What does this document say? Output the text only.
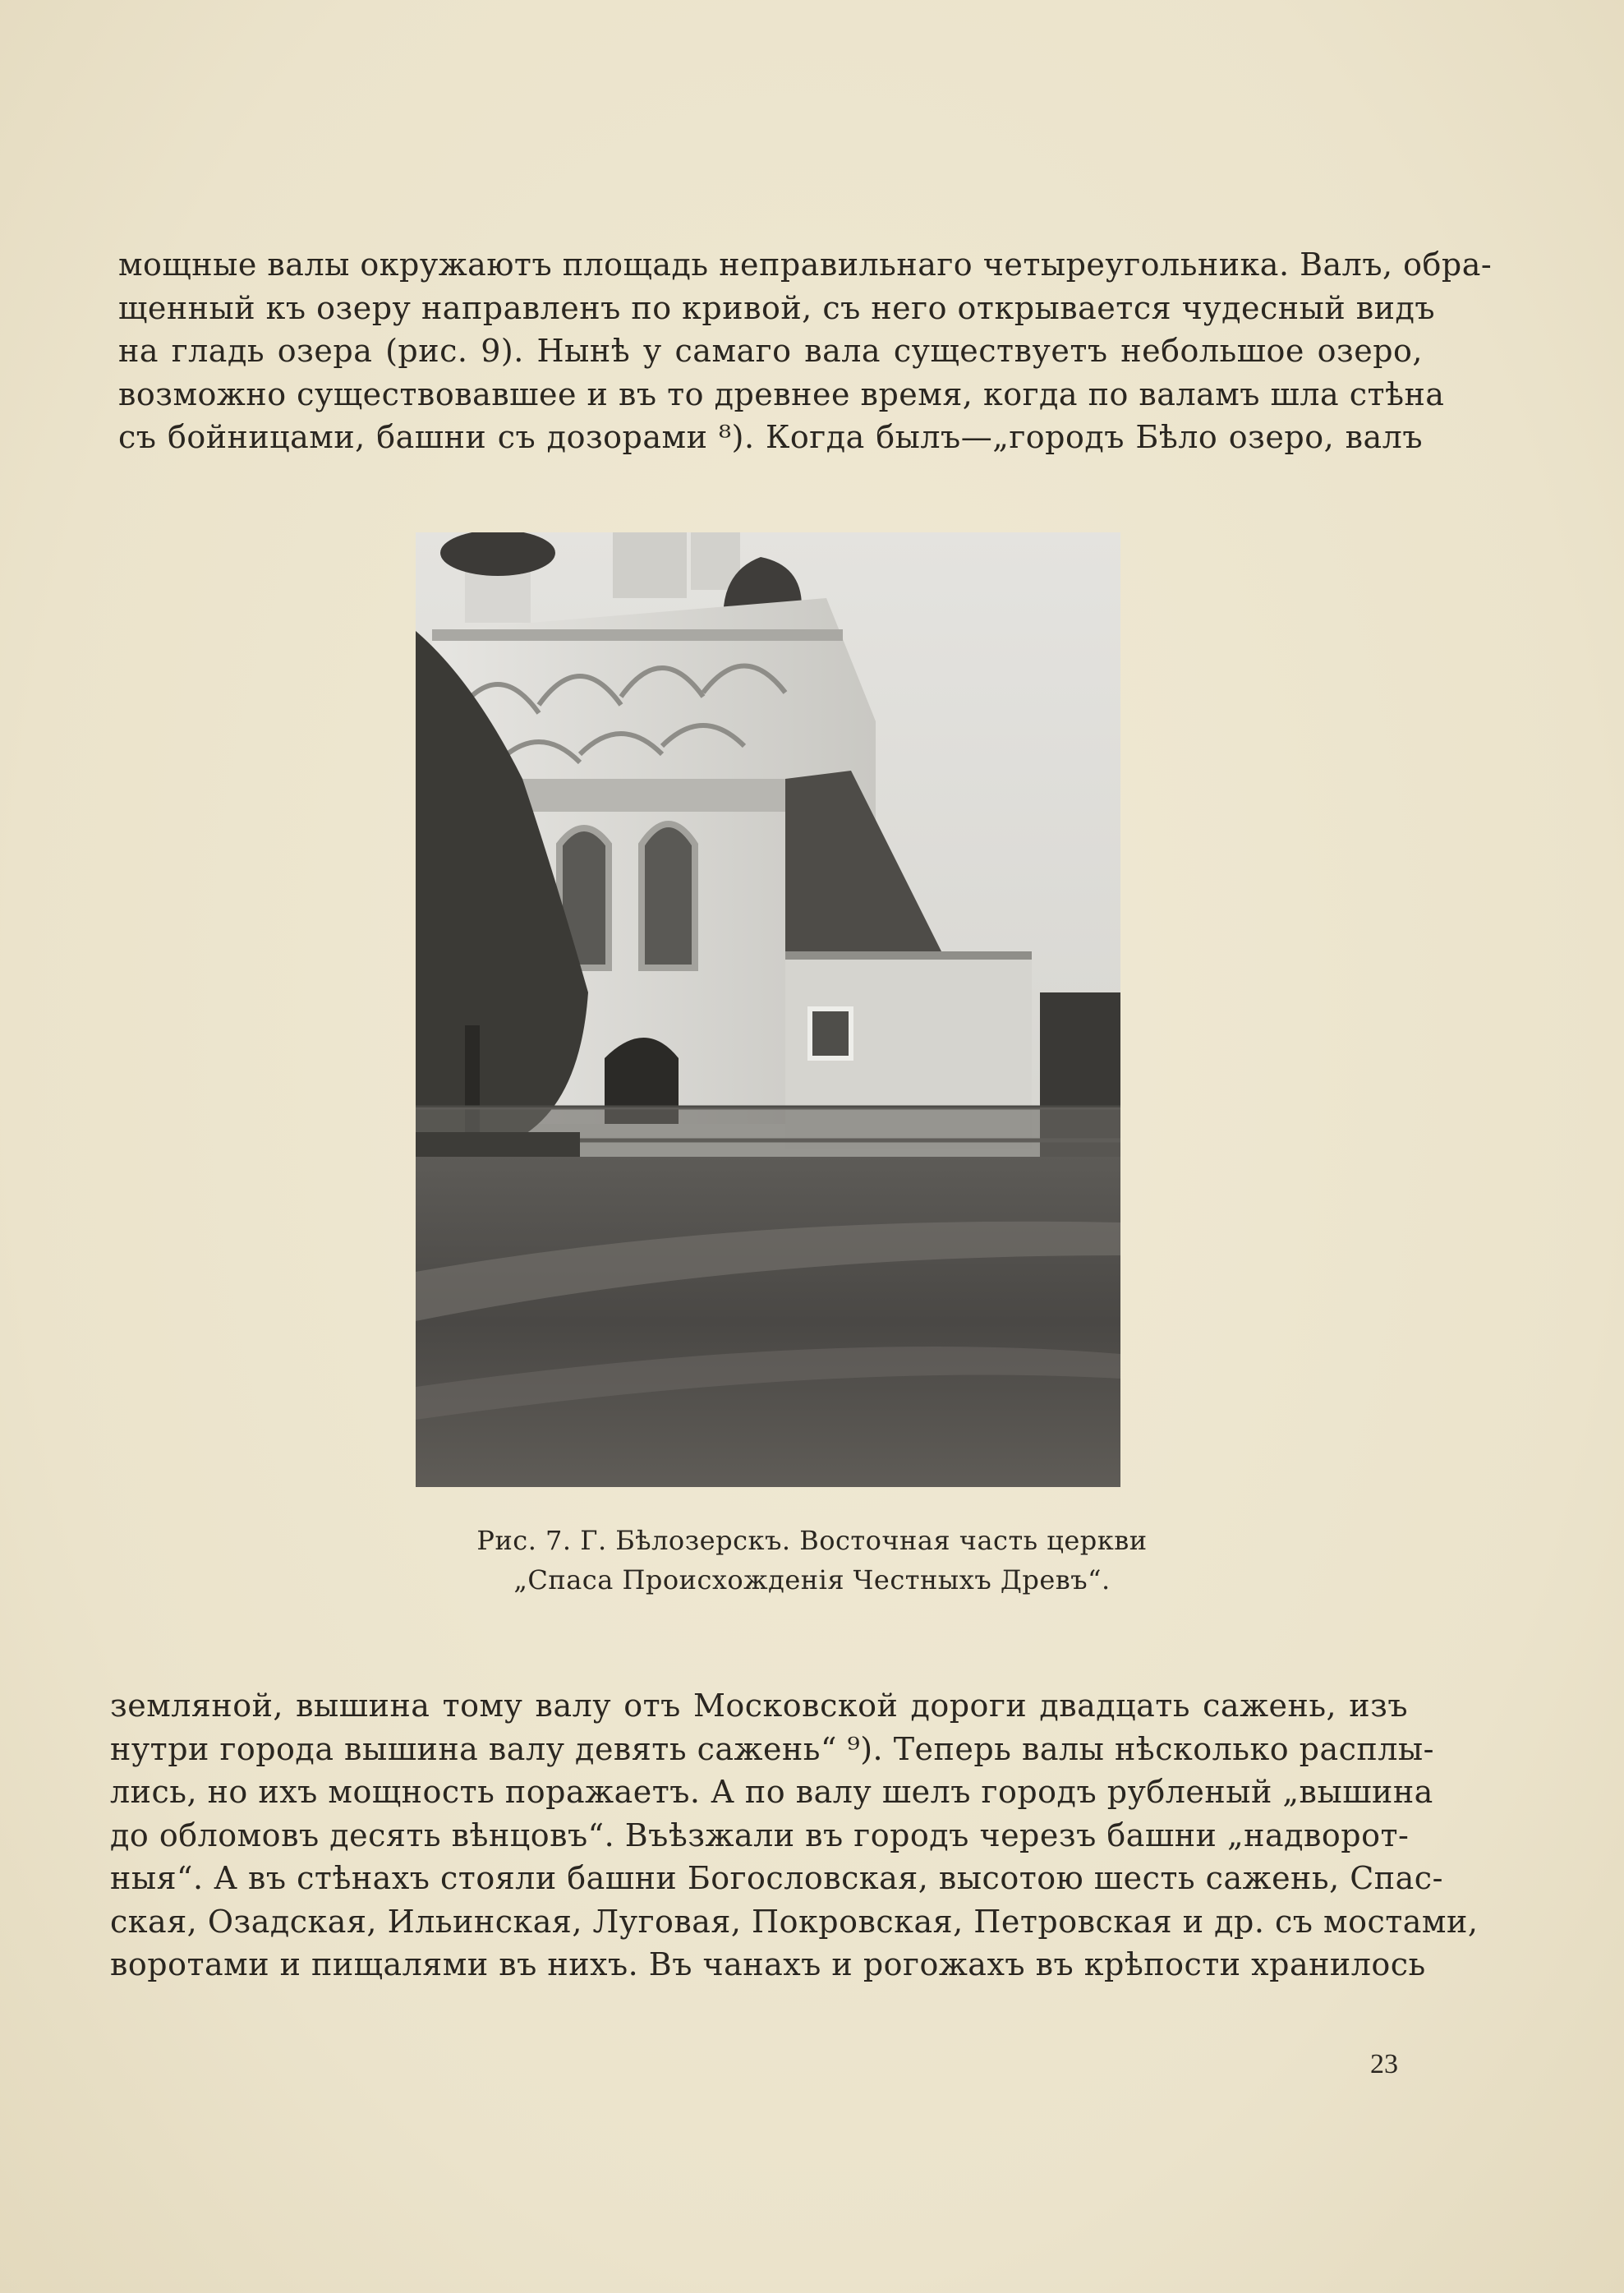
мощные валы окружаютъ площадь неправильнаго четыреугольника. Валъ, обра-
щенный къ озеру направленъ по кривой, съ него открывается чудесный видъ
на гладь озера (рис. 9). Нынѣ у самаго вала существуетъ небольшое озеро,
возможно существовавшее и въ то древнее время, когда по валамъ шла стѣна
съ бойницами, башни съ дозорами ⁸). Когда былъ—„городъ Бѣло озеро, валъ
Рис. 7. Г. Бѣлозерскъ. Восточная часть церкви
„Спаса Происхожденія Честныхъ Древъ“.
земляной, вышина тому валу отъ Московской дороги двадцать сажень, изъ
нутри города вышина валу девять сажень“ ⁹). Теперь валы нѣсколько расплы-
лись, но ихъ мощность поражаетъ. А по валу шелъ городъ рубленый „вышина
до обломовъ десять вѣнцовъ“. Въѣзжали въ городъ черезъ башни „надворот-
ныя“. А въ стѣнахъ стояли башни Богословская, высотою шесть сажень, Спас-
ская, Озадская, Ильинская, Луговая, Покровская, Петровская и др. съ мостами,
воротами и пищалями въ нихъ. Въ чанахъ и рогожахъ въ крѣпости хранилось
23
